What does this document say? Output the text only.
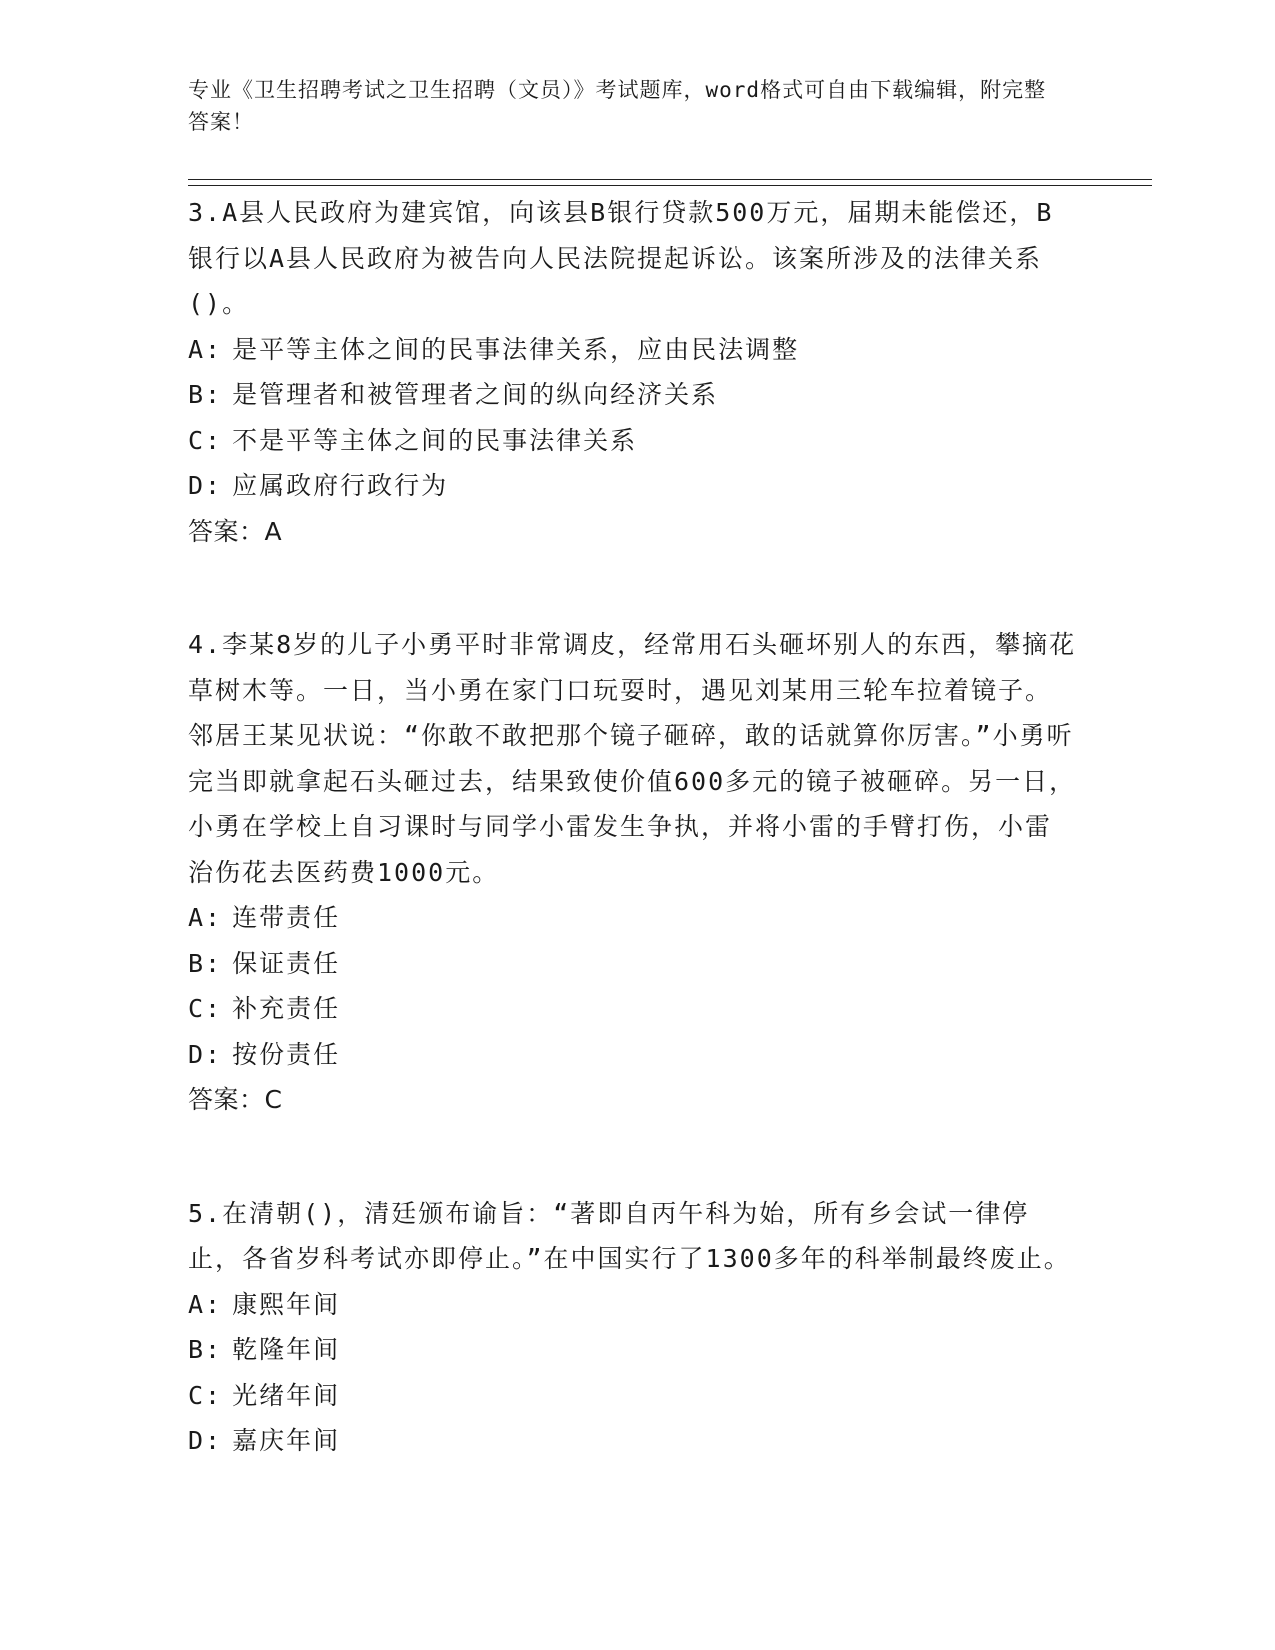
专业《卫生招聘考试之卫生招聘（文员）》考试题库，word格式可自由下载编辑，附完整答案！

3.A县人民政府为建宾馆，向该县B银行贷款500万元，届期未能偿还，B银行以A县人民政府为被告向人民法院提起诉讼。该案所涉及的法律关系()。

A: 是平等主体之间的民事法律关系，应由民法调整

B: 是管理者和被管理者之间的纵向经济关系

C: 不是平等主体之间的民事法律关系

D: 应属政府行政行为

答案：A

4.李某8岁的儿子小勇平时非常调皮，经常用石头砸坏别人的东西，攀摘花草树木等。一日，当小勇在家门口玩耍时，遇见刘某用三轮车拉着镜子。邻居王某见状说：“你敢不敢把那个镜子砸碎，敢的话就算你厉害。”小勇听完当即就拿起石头砸过去，结果致使价值600多元的镜子被砸碎。另一日，小勇在学校上自习课时与同学小雷发生争执，并将小雷的手臂打伤，小雷治伤花去医药费1000元。

A: 连带责任

B: 保证责任

C: 补充责任

D: 按份责任

答案：C

5.在清朝()，清廷颁布谕旨：“著即自丙午科为始，所有乡会试一律停止，各省岁科考试亦即停止。”在中国实行了1300多年的科举制最终废止。

A: 康熙年间

B: 乾隆年间

C: 光绪年间

D: 嘉庆年间
